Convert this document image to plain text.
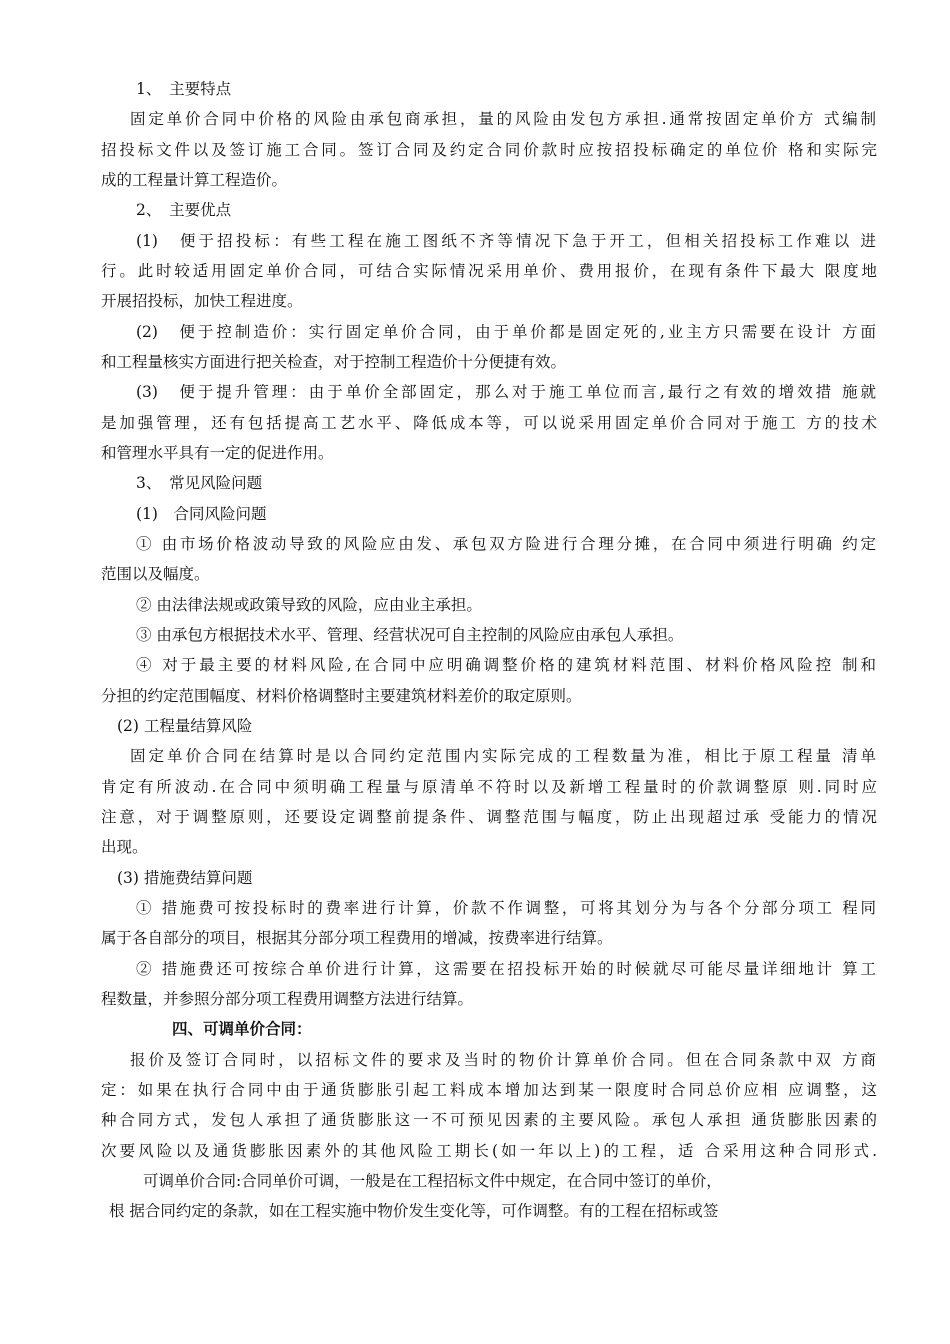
1、　主要特点
固定单价合同中价格的风险由承包商承担，量的风险由发包方承担.通常按固定单价方 式编制
招投标文件以及签订施工合同。签订合同及约定合同价款时应按招投标确定的单位价 格和实际完
成的工程量计算工程造价。
2、　主要优点
(1)　便于招投标：有些工程在施工图纸不齐等情况下急于开工，但相关招投标工作难以 进
行。此时较适用固定单价合同，可结合实际情况采用单价、费用报价，在现有条件下最大 限度地
开展招投标，加快工程进度。
(2)　便于控制造价：实行固定单价合同，由于单价都是固定死的,业主方只需要在设计 方面
和工程量核实方面进行把关检查，对于控制工程造价十分便捷有效。
(3)　便于提升管理：由于单价全部固定，那么对于施工单位而言,最行之有效的增效措 施就
是加强管理，还有包括提高工艺水平、降低成本等，可以说采用固定单价合同对于施工 方的技术
和管理水平具有一定的促进作用。
3、　常见风险问题
(1)　合同风险问题
① 由市场价格波动导致的风险应由发、承包双方险进行合理分摊，在合同中须进行明确 约定
范围以及幅度。
② 由法律法规或政策导致的风险，应由业主承担。
③ 由承包方根据技术水平、管理、经营状况可自主控制的风险应由承包人承担。
④ 对于最主要的材料风险,在合同中应明确调整价格的建筑材料范围、材料价格风险控 制和
分担的约定范围幅度、材料价格调整时主要建筑材料差价的取定原则。
(2) 工程量结算风险
固定单价合同在结算时是以合同约定范围内实际完成的工程数量为准，相比于原工程量 清单
肯定有所波动.在合同中须明确工程量与原清单不符时以及新增工程量时的价款调整原 则.同时应
注意，对于调整原则，还要设定调整前提条件、调整范围与幅度，防止出现超过承 受能力的情况
出现。
(3) 措施费结算问题
① 措施费可按投标时的费率进行计算，价款不作调整，可将其划分为与各个分部分项工 程同
属于各自部分的项目，根据其分部分项工程费用的增减，按费率进行结算。
② 措施费还可按综合单价进行计算，这需要在招投标开始的时候就尽可能尽量详细地计 算工
程数量，并参照分部分项工程费用调整方法进行结算。
四、可调单价合同：
报价及签订合同时，以招标文件的要求及当时的物价计算单价合同。但在合同条款中双 方商
定：如果在执行合同中由于通货膨胀引起工料成本增加达到某一限度时合同总价应相 应调整，这
种合同方式，发包人承担了通货膨胀这一不可预见因素的主要风险。承包人承担 通货膨胀因素的
次要风险以及通货膨胀因素外的其他风险工期长(如一年以上)的工程，适 合采用这种合同形式.
可调单价合同:合同单价可调，一般是在工程招标文件中规定，在合同中签订的单价，
根 据合同约定的条款，如在工程实施中物价发生变化等，可作调整。有的工程在招标或签
